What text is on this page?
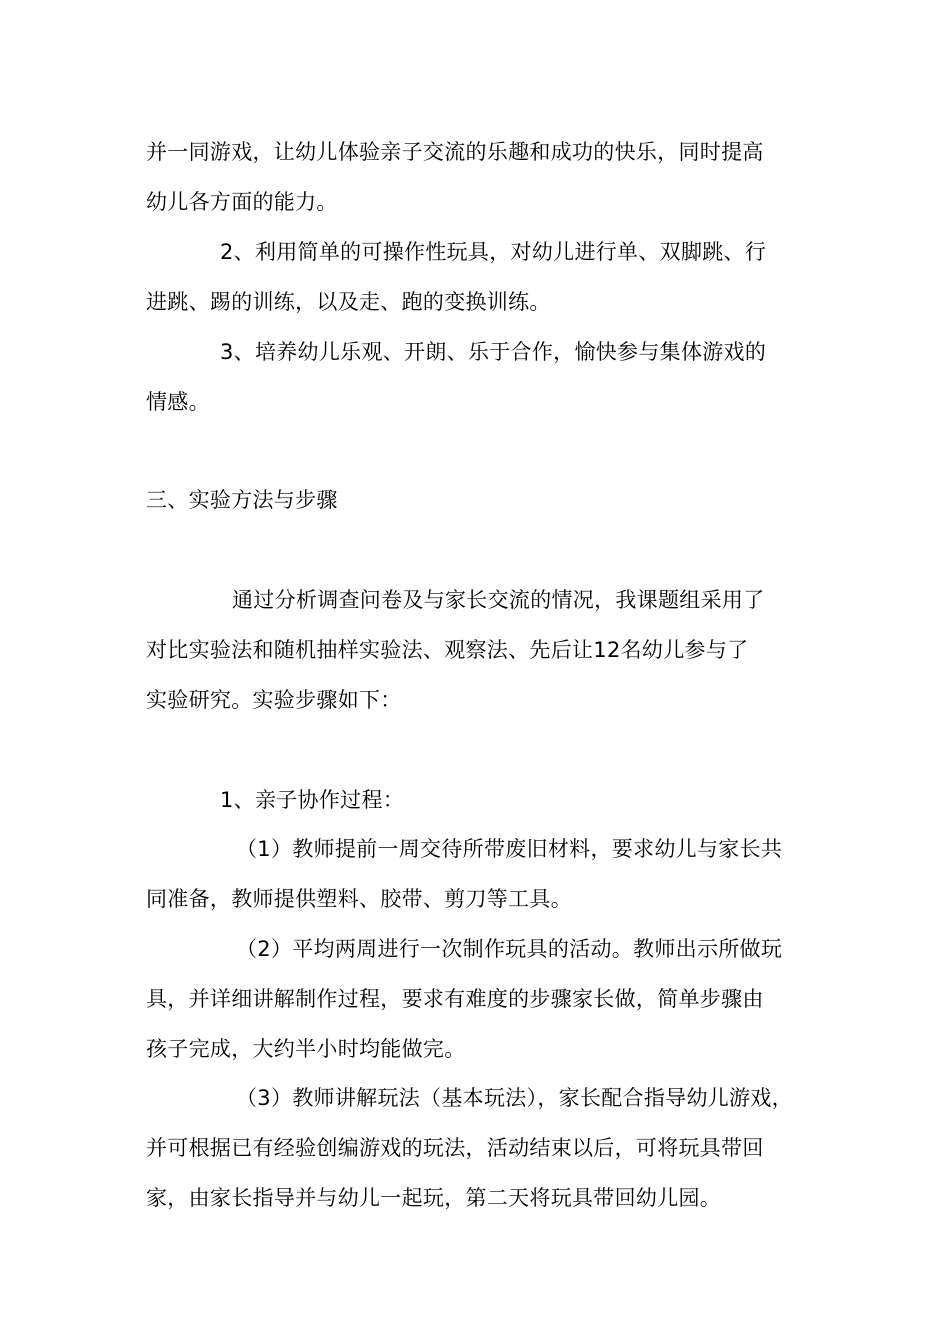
并一同游戏，让幼儿体验亲子交流的乐趣和成功的快乐，同时提高
幼儿各方面的能力。
2、利用简单的可操作性玩具，对幼儿进行单、双脚跳、行
进跳、踢的训练，以及走、跑的变换训练。
3、培养幼儿乐观、开朗、乐于合作，愉快参与集体游戏的
情感。
三、实验方法与步骤
通过分析调查问卷及与家长交流的情况，我课题组采用了
对比实验法和随机抽样实验法、观察法、先后让12名幼儿参与了
实验研究。实验步骤如下：
1、亲子协作过程：
（1）教师提前一周交待所带废旧材料，要求幼儿与家长共
同准备，教师提供塑料、胶带、剪刀等工具。
（2）平均两周进行一次制作玩具的活动。教师出示所做玩
具，并详细讲解制作过程，要求有难度的步骤家长做，简单步骤由
孩子完成，大约半小时均能做完。
（3）教师讲解玩法（基本玩法），家长配合指导幼儿游戏，
并可根据已有经验创编游戏的玩法，活动结束以后，可将玩具带回
家，由家长指导并与幼儿一起玩，第二天将玩具带回幼儿园。
